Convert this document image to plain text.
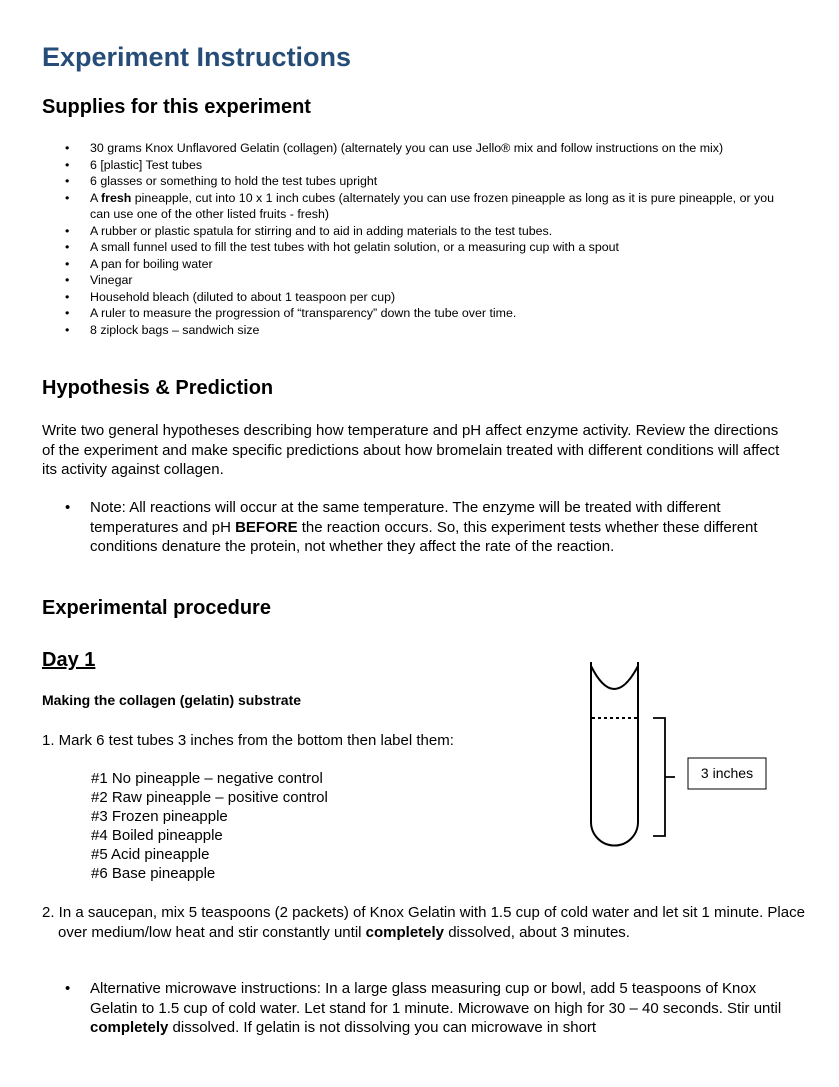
Experiment Instructions
Supplies for this experiment
• 30 grams Knox Unflavored Gelatin (collagen) (alternately you can use Jello® mix and follow instructions on the mix)
• 6 [plastic] Test tubes
• 6 glasses or something to hold the test tubes upright
• A fresh pineapple, cut into 10 x 1 inch cubes (alternately you can use frozen pineapple as long as it is pure pineapple, or you can use one of the other listed fruits - fresh)
• A rubber or plastic spatula for stirring and to aid in adding materials to the test tubes.
• A small funnel used to fill the test tubes with hot gelatin solution, or a measuring cup with a spout
• A pan for boiling water
• Vinegar
• Household bleach (diluted to about 1 teaspoon per cup)
• A ruler to measure the progression of “transparency” down the tube over time.
• 8 ziplock bags – sandwich size
Hypothesis & Prediction

Write two general hypotheses describing how temperature and pH affect enzyme activity. Review the directions of the experiment and make specific predictions about how bromelain treated with different conditions will affect its activity against collagen.

• Note: All reactions will occur at the same temperature. The enzyme will be treated with different temperatures and pH BEFORE the reaction occurs. So, this experiment tests whether these different conditions denature the protein, not whether they affect the rate of the reaction.
Experimental procedure
Day 1

Making the collagen (gelatin) substrate

1. Mark 6 test tubes 3 inches from the bottom then label them:

#1 No pineapple – negative control
#2 Raw pineapple – positive control
#3 Frozen pineapple
#4 Boiled pineapple
#5 Acid pineapple
#6 Base pineapple

2. In a saucepan, mix 5 teaspoons (2 packets) of Knox Gelatin with 1.5 cup of cold water and let sit 1 minute. Place over medium/low heat and stir constantly until completely dissolved, about 3 minutes.

• Alternative microwave instructions: In a large glass measuring cup or bowl, add 5 teaspoons of Knox Gelatin to 1.5 cup of cold water. Let stand for 1 minute. Microwave on high for 30 – 40 seconds. Stir until completely dissolved. If gelatin is not dissolving you can microwave in short
3 inches
